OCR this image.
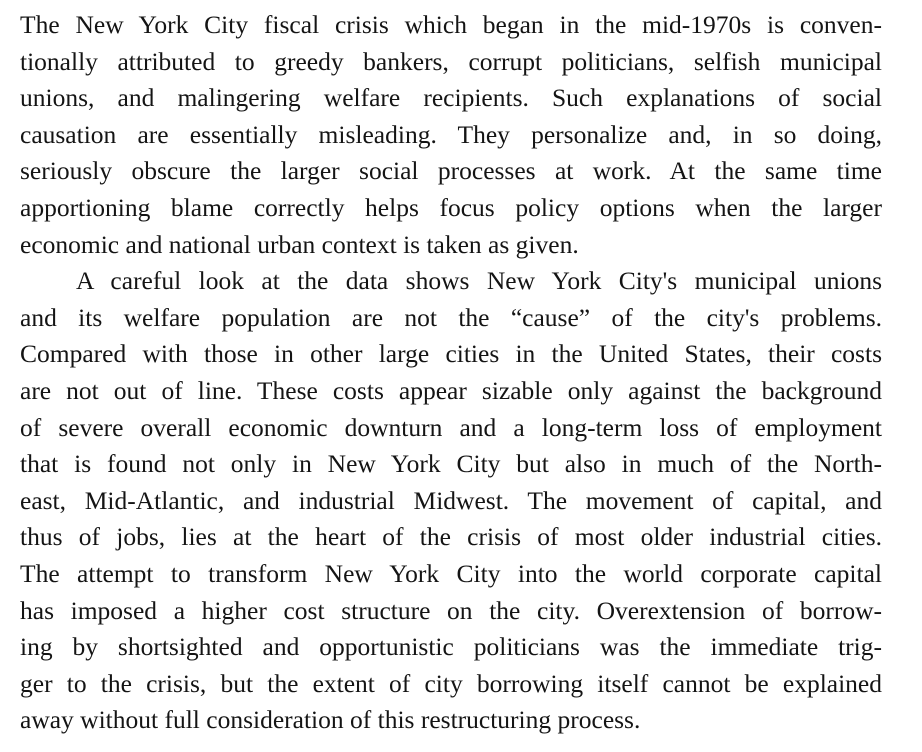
The New York City fiscal crisis which began in the mid-1970s is conven-
tionally attributed to greedy bankers, corrupt politicians, selfish municipal
unions, and malingering welfare recipients. Such explanations of social
causation are essentially misleading. They personalize and, in so doing,
seriously obscure the larger social processes at work. At the same time
apportioning blame correctly helps focus policy options when the larger
economic and national urban context is taken as given.
A careful look at the data shows New York City's municipal unions
and its welfare population are not the “cause” of the city's problems.
Compared with those in other large cities in the United States, their costs
are not out of line. These costs appear sizable only against the background
of severe overall economic downturn and a long-term loss of employment
that is found not only in New York City but also in much of the North-
east, Mid-Atlantic, and industrial Midwest. The movement of capital, and
thus of jobs, lies at the heart of the crisis of most older industrial cities.
The attempt to transform New York City into the world corporate capital
has imposed a higher cost structure on the city. Overextension of borrow-
ing by shortsighted and opportunistic politicians was the immediate trig-
ger to the crisis, but the extent of city borrowing itself cannot be explained
away without full consideration of this restructuring process.
